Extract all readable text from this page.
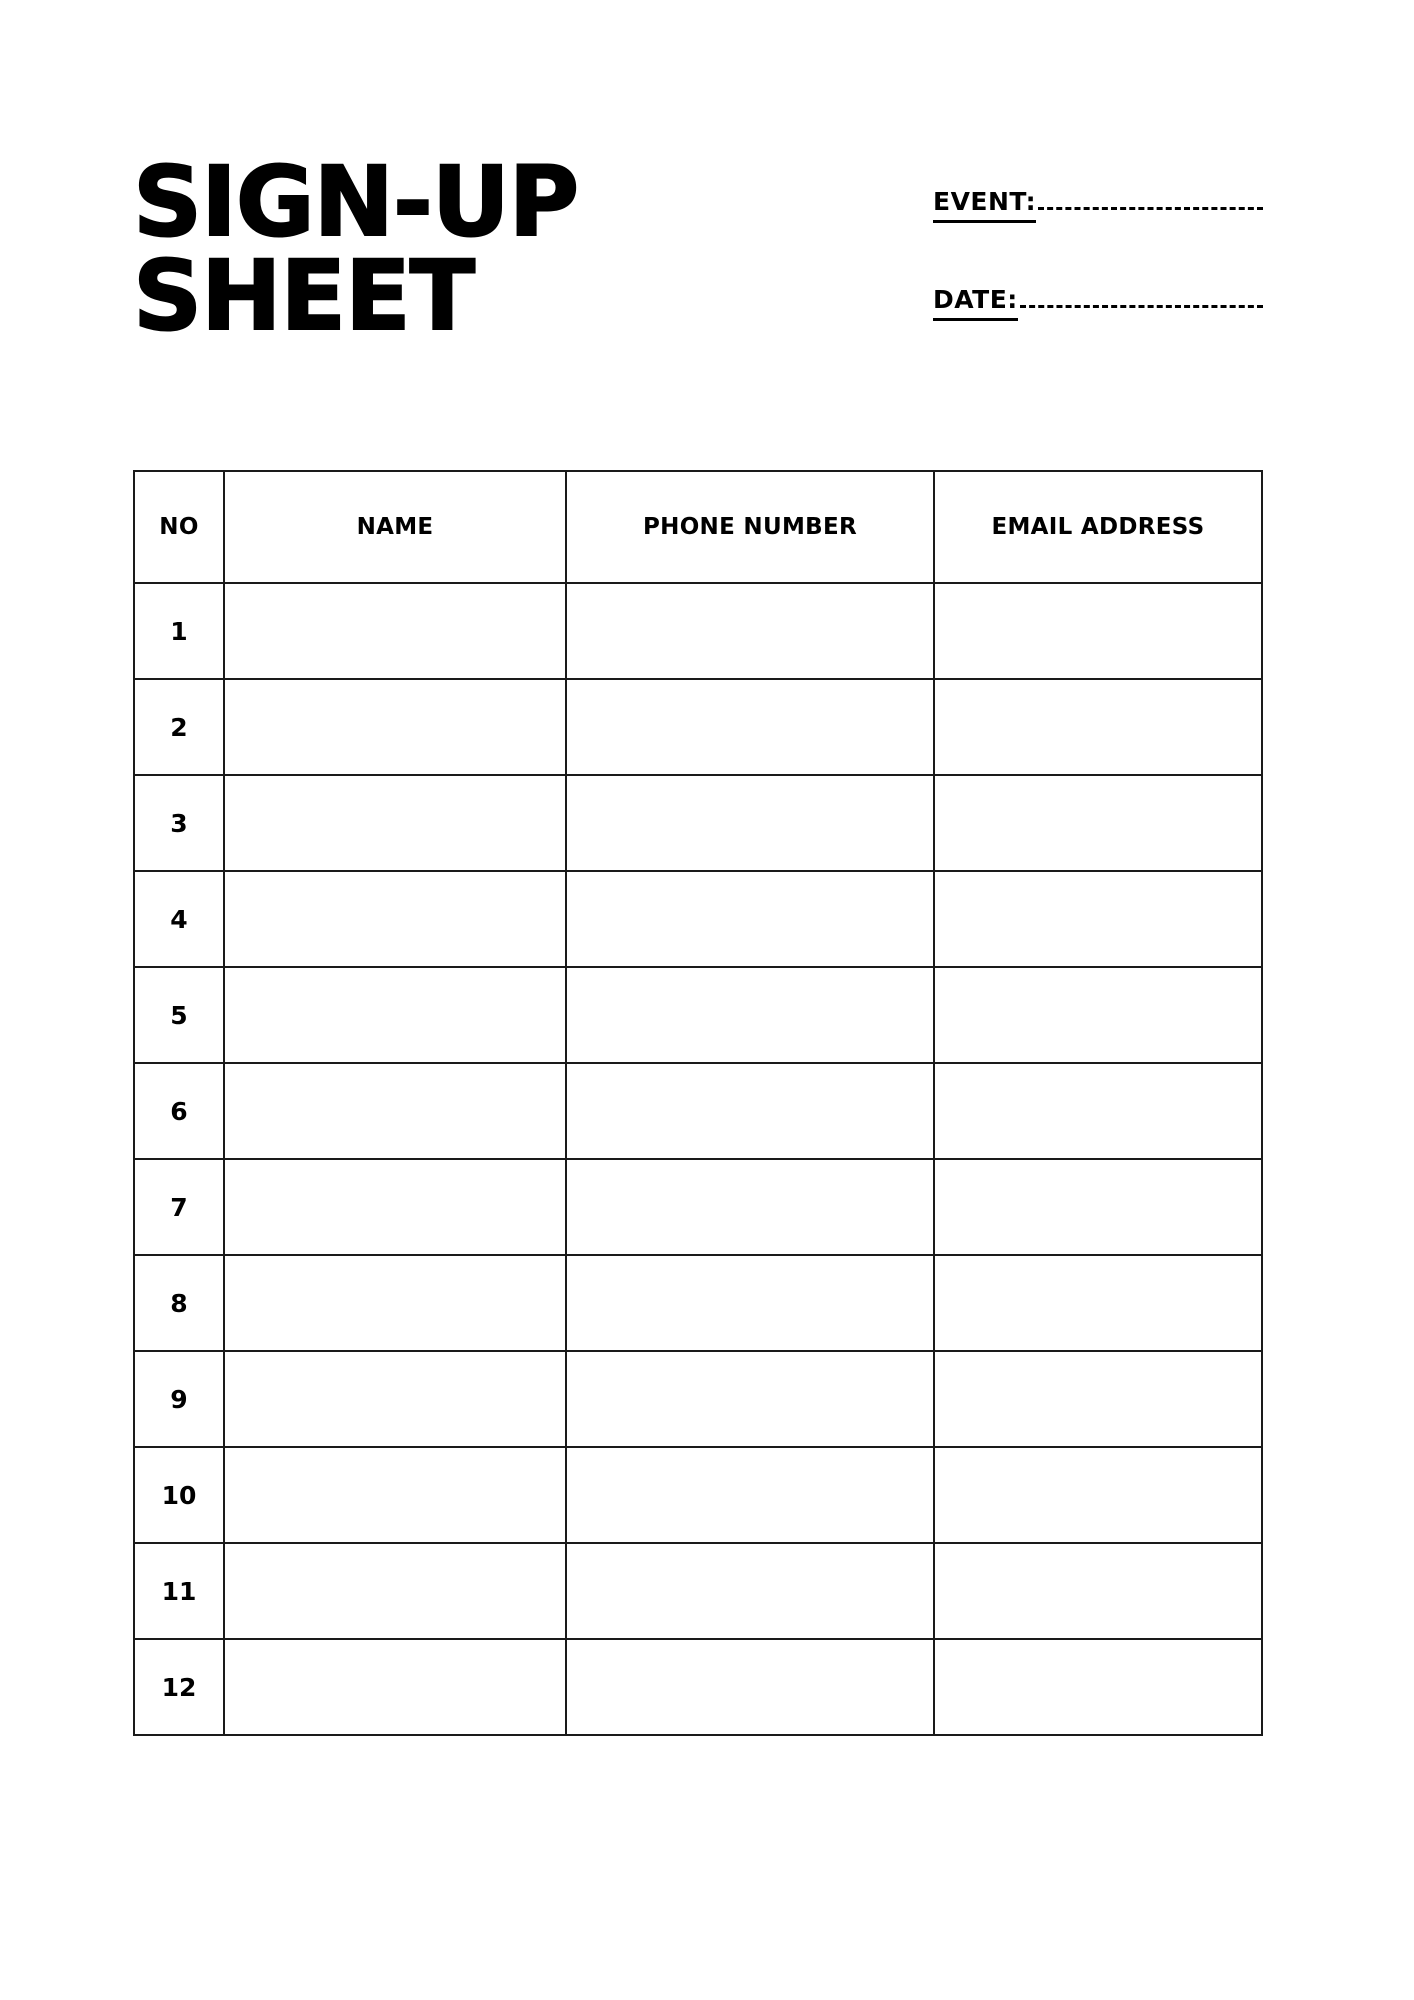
SIGN-UP
SHEET
EVENT:
DATE:
NO	NAME	PHONE NUMBER	EMAIL ADDRESS
1			
2			
3			
4			
5			
6			
7			
8			
9			
10			
11			
12			
